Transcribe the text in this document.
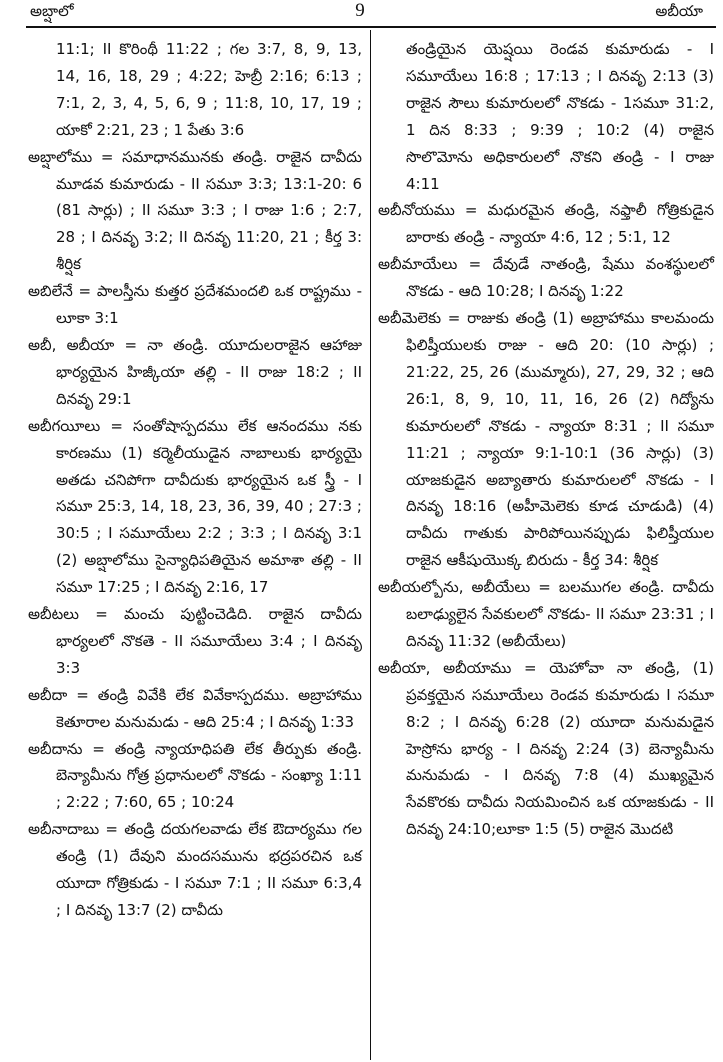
అబ్షాలో	9	అబీయా

11:1; II కొరింథీ 11:22 ; గల 3:7, 8, 9, 13, 14, 16, 18, 29 ; 4:22; హెబ్రీ 2:16; 6:13 ; 7:1, 2, 3, 4, 5, 6, 9 ; 11:8, 10, 17, 19 ; యాకో 2:21, 23 ; 1 పేతు 3:6

అబ్షాలోము = సమాధానమునకు తండ్రి. రాజైన దావీదు మూడవ కుమారుడు - II సమూ 3:3; 13:1-20: 6 (81 సార్లు) ; II సమూ 3:3 ; I రాజు 1:6 ; 2:7, 28 ; I దినవృ 3:2; II దినవృ 11:20, 21 ; కీర్త 3: శీర్షిక

అబిలేనే = పాలస్తీను కుత్తర ప్రదేశమందలి ఒక రాష్ట్రము - లూకా 3:1

అబీ, అబీయా = నా తండ్రి. యూదులరాజైన ఆహాజు భార్యయైన హిజ్కీయా తల్లి - II రాజు 18:2 ; II దినవృ 29:1

అబీగయీలు = సంతోషాస్పదము లేక ఆనందము నకు కారణము (1) కర్మెలీయుడైన నాబాలుకు భార్యయై అతడు చనిపోగా దావీదుకు భార్యయైన ఒక స్త్రీ - I సమూ 25:3, 14, 18, 23, 36, 39, 40 ; 27:3 ; 30:5 ; I సమూయేలు 2:2 ; 3:3 ; I దినవృ 3:1 (2) అబ్షాలోము సైన్యాధిపతియైన అమాశా తల్లి - II సమూ 17:25 ; I దినవృ 2:16, 17

అబీటలు = మంచు పుట్టించెడిది. రాజైన దావీదు భార్యలలో నొకతె - II సమూయేలు 3:4 ; I దినవృ 3:3

అబీదా = తండ్రి వివేకి లేక వివేకాస్పదము. అబ్రాహాము కెతూరాల మనుమడు - ఆది 25:4 ; I దినవృ 1:33

అబీదాను = తండ్రి న్యాయాధిపతి లేక తీర్పుకు తండ్రి. బెన్యామీను గోత్ర ప్రధానులలో నొకడు - సంఖ్యా 1:11 ; 2:22 ; 7:60, 65 ; 10:24

అబీనాదాబు = తండ్రి దయగలవాడు లేక ఔదార్యము గల తండ్రి (1) దేవుని మందసమును భద్రపరచిన ఒక యూదా గోత్రికుడు - I సమూ 7:1 ; II సమూ 6:3,4 ; I దినవృ 13:7 (2) దావీదు

తండ్రియైన యెష్షయి రెండవ కుమారుడు - I సమూయేలు 16:8 ; 17:13 ; I దినవృ 2:13 (3) రాజైన సౌలు కుమారులలో నొకడు - 1సమూ 31:2, 1 దిన 8:33 ; 9:39 ; 10:2 (4) రాజైన సొలొమోను అధికారులలో నొకని తండ్రి - I రాజు 4:11

అబీనోయము = మధురమైన తండ్రి, నఫ్తాలీ గోత్రికుడైన బారాకు తండ్రి - న్యాయా 4:6, 12 ; 5:1, 12

అబీమాయేలు = దేవుడే నాతండ్రి, షేము వంశస్థులలో నొకడు - ఆది 10:28; I దినవృ 1:22

అబీమెలెకు = రాజుకు తండ్రి (1) అబ్రాహాము కాలమందు ఫిలిష్తీయులకు రాజు - ఆది 20: (10 సార్లు) ; 21:22, 25, 26 (ముమ్మారు), 27, 29, 32 ; ఆది 26:1, 8, 9, 10, 11, 16, 26 (2) గిద్యోను కుమారులలో నొకడు - న్యాయా 8:31 ; II సమూ 11:21 ; న్యాయా 9:1-10:1 (36 సార్లు) (3) యాజకుడైన అబ్యాతారు కుమారులలో నొకడు - I దినవృ 18:16 (అహీమెలెకు కూడ చూడుడి) (4) దావీదు గాతుకు పారిపోయినప్పుడు ఫిలిష్తీయుల రాజైన ఆకీషుయొక్క బిరుదు - కీర్త 34: శీర్షిక

అబీయల్బోను, అబీయేలు = బలముగల తండ్రి. దావీదు బలాఢ్యులైన సేవకులలో నొకడు- II సమూ 23:31 ; I దినవృ 11:32 (అబీయేలు)

అబీయా, అబీయాము = యెహోవా నా తండ్రి, (1) ప్రవక్తయైన సమూయేలు రెండవ కుమారుడు I సమూ 8:2 ; I దినవృ 6:28 (2) యూదా మనుమడైన హెస్రోను భార్య - I దినవృ 2:24 (3) బెన్యామీను మనుమడు - I దినవృ 7:8 (4) ముఖ్యమైన సేవకొరకు దావీదు నియమించిన ఒక యాజకుడు - II దినవృ 24:10;లూకా 1:5 (5) రాజైన మొదటి
